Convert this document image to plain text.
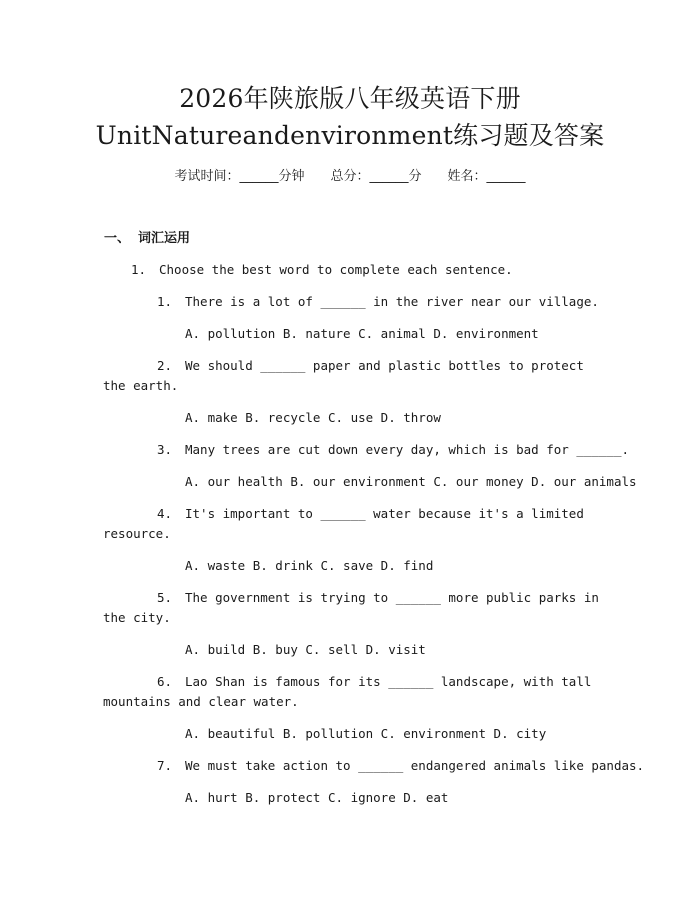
2026年陕旅版八年级英语下册
UnitNatureandenvironment练习题及答案
考试时间：______分钟 总分：______分 姓名：______
一、 词汇运用
1. Choose the best word to complete each sentence.
1. There is a lot of ______ in the river near our village.
A. pollution B. nature C. animal D. environment
2. We should ______ paper and plastic bottles to protect the earth.
A. make B. recycle C. use D. throw
3. Many trees are cut down every day, which is bad for ______.
A. our health B. our environment C. our money D. our animals
4. It's important to ______ water because it's a limited resource.
A. waste B. drink C. save D. find
5. The government is trying to ______ more public parks in the city.
A. build B. buy C. sell D. visit
6. Lao Shan is famous for its ______ landscape, with tall mountains and clear water.
A. beautiful B. pollution C. environment D. city
7. We must take action to ______ endangered animals like pandas.
A. hurt B. protect C. ignore D. eat
